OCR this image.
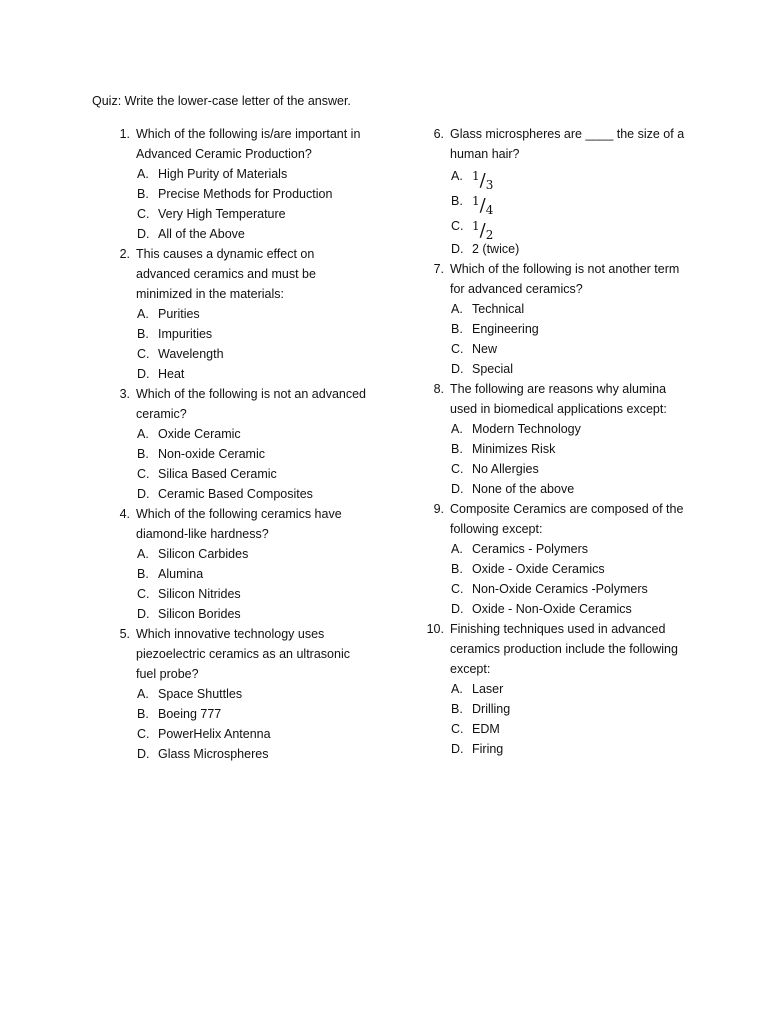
Quiz: Write the lower-case letter of the answer.
1. Which of the following is/are important in Advanced Ceramic Production?
A. High Purity of Materials
B. Precise Methods for Production
C. Very High Temperature
D. All of the Above
2. This causes a dynamic effect on advanced ceramics and must be minimized in the materials:
A. Purities
B. Impurities
C. Wavelength
D. Heat
3. Which of the following is not an advanced ceramic?
A. Oxide Ceramic
B. Non-oxide Ceramic
C. Silica Based Ceramic
D. Ceramic Based Composites
4. Which of the following ceramics have diamond-like hardness?
A. Silicon Carbides
B. Alumina
C. Silicon Nitrides
D. Silicon Borides
5. Which innovative technology uses piezoelectric ceramics as an ultrasonic fuel probe?
A. Space Shuttles
B. Boeing 777
C. PowerHelix Antenna
D. Glass Microspheres
6. Glass microspheres are ____ the size of a human hair?
A. $^1/_3$
B. $^1/_4$
C. $^1/_2$
D. 2 (twice)
7. Which of the following is not another term for advanced ceramics?
A. Technical
B. Engineering
C. New
D. Special
8. The following are reasons why alumina used in biomedical applications except:
A. Modern Technology
B. Minimizes Risk
C. No Allergies
D. None of the above
9. Composite Ceramics are composed of the following except:
A. Ceramics - Polymers
B. Oxide - Oxide Ceramics
C. Non-Oxide Ceramics -Polymers
D. Oxide - Non-Oxide Ceramics
10. Finishing techniques used in advanced ceramics production include the following except:
A. Laser
B. Drilling
C. EDM
D. Firing
